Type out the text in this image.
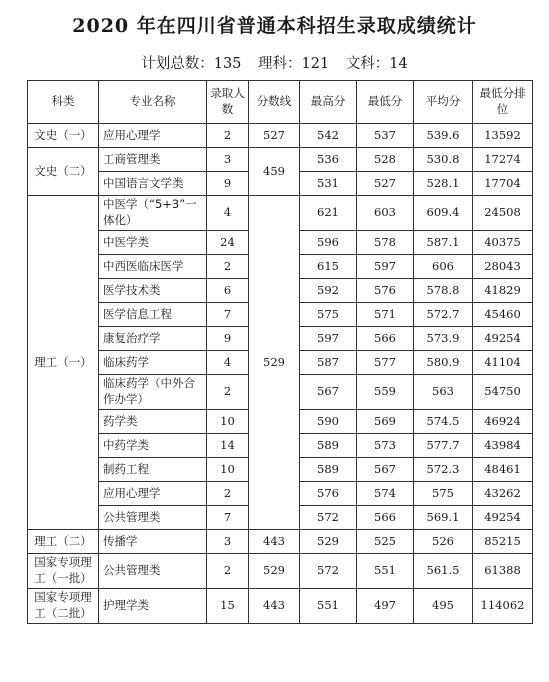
2020 年在四川省普通本科招生录取成绩统计
计划总数：135 理科：121 文科：14
科类	专业名称	录取人数	分数线	最高分	最低分	平均分	最低分排位
文史（一）	应用心理学	2	527	542	537	539.6	13592
文史（二）	工商管理类	3	459	536	528	530.8	17274
	中国语言文学类	9		531	527	528.1	17704
理工（一）	中医学（“5+3”一体化）	4	529	621	603	609.4	24508
	中医学类	24		596	578	587.1	40375
	中西医临床医学	2		615	597	606	28043
	医学技术类	6		592	576	578.8	41829
	医学信息工程	7		575	571	572.7	45460
	康复治疗学	9		597	566	573.9	49254
	临床药学	4		587	577	580.9	41104
	临床药学（中外合作办学）	2		567	559	563	54750
	药学类	10		590	569	574.5	46924
	中药学类	14		589	573	577.7	43984
	制药工程	10		589	567	572.3	48461
	应用心理学	2		576	574	575	43262
	公共管理类	7		572	566	569.1	49254
理工（二）	传播学	3	443	529	525	526	85215
国家专项理工（一批）	公共管理类	2	529	572	551	561.5	61388
国家专项理工（二批）	护理学类	15	443	551	497	495	114062
